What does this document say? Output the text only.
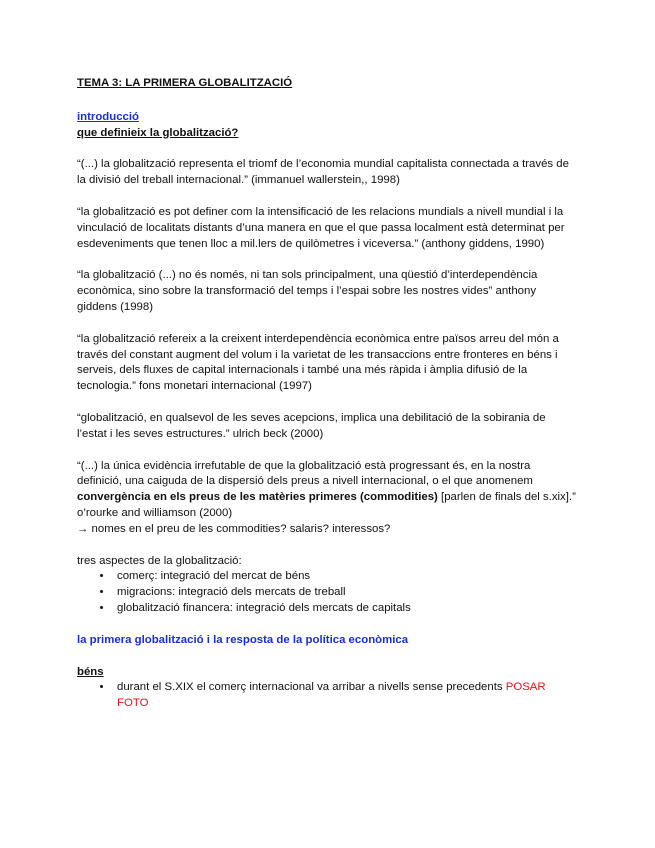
TEMA 3: LA PRIMERA GLOBALITZACIÓ
introducció
que definieix la globalització?

“(...) la globalització representa el triomf de l’economia mundial capitalista connectada a través de la divisió del treball internacional.” (immanuel wallerstein,, 1998)

“la globalització es pot definer com la intensificació de les relacions mundials a nivell mundial i la vinculació de localitats distants d’una manera en que el que passa localment està determinat per esdeveniments que tenen lloc a mil.lers de quilòmetres i viceversa.” (anthony giddens, 1990)

“la globalització (...) no és només, ni tan sols principalment, una qüestió d’interdependència econòmica, sino sobre la transformació del temps i l’espai sobre les nostres vides” anthony giddens (1998)

“la globalització refereix a la creixent interdependència econòmica entre països arreu del món a través del constant augment del volum i la varietat de les transaccions entre fronteres en béns i serveis, dels fluxes de capital internacionals i també una més ràpida i àmplia difusió de la tecnologia.” fons monetari internacional (1997)

“globalització, en qualsevol de les seves acepcions, implica una debilitació de la sobirania de l’estat i les seves estructures.” ulrich beck (2000)

“(...) la única evidència irrefutable de que la globalització està progressant és, en la nostra definició, una caiguda de la dispersió dels preus a nivell internacional, o el que anomenem convergència en els preus de les matèries primeres (commodities) [parlen de finals del s.xix].” o’rourke and williamson (2000)
→ nomes en el preu de les commodities? salaris? interessos?

tres aspectes de la globalització:
• comerç: integració del mercat de béns
• migracions: integració dels mercats de treball
• globalització financera: integració dels mercats de capitals
la primera globalització i la resposta de la política econòmica
béns
• durant el S.XIX el comerç internacional va arribar a nivells sense precedents POSAR FOTO
